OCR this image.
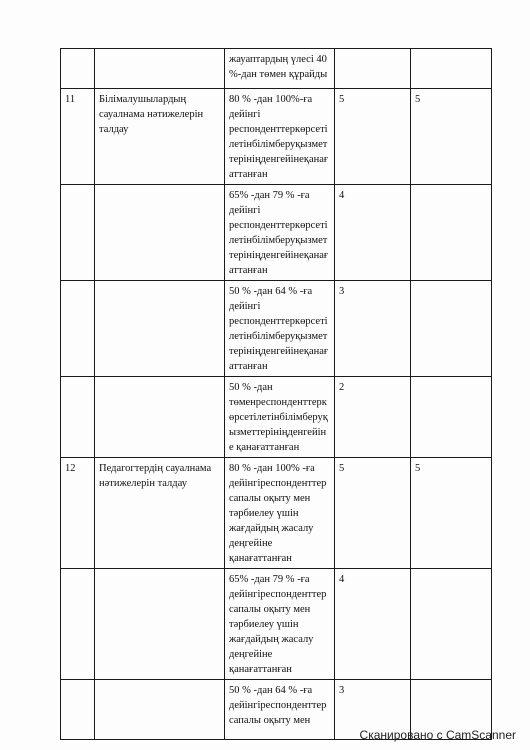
		жауаптардың үлесі 40 %-дан төмен құрайды		

11	Білімалушылардың сауалнама нәтижелерін талдау	80 % -дан 100%-ға дейінгі респонденттеркөрсеті летінбілімберуқызмет терініңденгейінеқанағ аттанған	5	5

		65% -дан 79 % -ға дейінгі респонденттеркөрсеті летінбілімберуқызмет терініңденгейінеқанағ аттанған	4	

		50 % -дан 64 % -ға дейінгі респонденттеркөрсеті летінбілімберуқызмет терініңденгейінеқанағ аттанған	3	

		50 % -дан төменреспонденттерк өрсетілетінбілімберуқ ызметтерініңденгейіне қанағаттанған	2	

12	Педагогтердің сауалнама нәтижелерін талдау	80 % -дан 100% -ға дейінгіреспонденттер сапалы оқыту мен тәрбиелеу үшін жағдайдың жасалу деңгейіне қанағаттанған	5	5

		65% -дан 79 % -ға дейінгіреспонденттер сапалы оқыту мен тәрбиелеу үшін жағдайдың жасалу деңгейіне қанағаттанған	4	

		50 % -дан 64 % -ға дейінгіреспонденттер сапалы оқыту мен	3	

Сканировано с CamScanner
